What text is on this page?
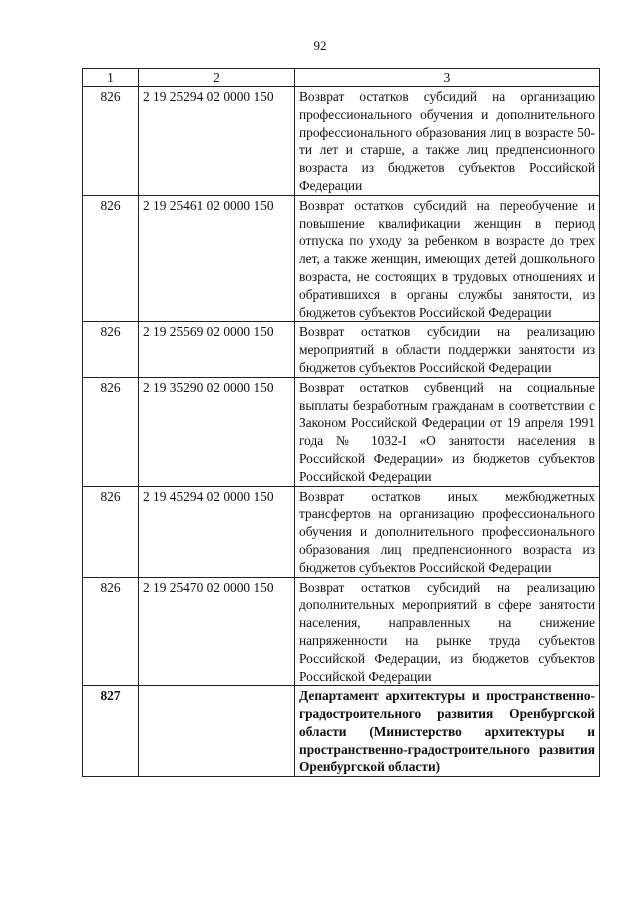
92
1	2	3
826	2 19 25294 02 0000 150	Возврат остатков субсидий на организацию профессионального обучения и дополнительного профессионального образования лиц в возрасте 50-ти лет и старше, а также лиц предпенсионного возраста из бюджетов субъектов Российской Федерации
826	2 19 25461 02 0000 150	Возврат остатков субсидий на переобучение и повышение квалификации женщин в период отпуска по уходу за ребенком в возрасте до трех лет, а также женщин, имеющих детей дошкольного возраста, не состоящих в трудовых отношениях и обратившихся в органы службы занятости, из бюджетов субъектов Российской Федерации
826	2 19 25569 02 0000 150	Возврат остатков субсидии на реализацию мероприятий в области поддержки занятости из бюджетов субъектов Российской Федерации
826	2 19 35290 02 0000 150	Возврат остатков субвенций на социальные выплаты безработным гражданам в соответствии с Законом Российской Федерации от 19 апреля 1991 года № 1032-I «О занятости населения в Российской Федерации» из бюджетов субъектов Российской Федерации
826	2 19 45294 02 0000 150	Возврат остатков иных межбюджетных трансфертов на организацию профессионального обучения и дополнительного профессионального образования лиц предпенсионного возраста из бюджетов субъектов Российской Федерации
826	2 19 25470 02 0000 150	Возврат остатков субсидий на реализацию дополнительных мероприятий в сфере занятости населения, направленных на снижение напряженности на рынке труда субъектов Российской Федерации, из бюджетов субъектов Российской Федерации
827		Департамент архитектуры и пространственно-градостроительного развития Оренбургской области (Министерство архитектуры и пространственно-градостроительного развития Оренбургской области)
